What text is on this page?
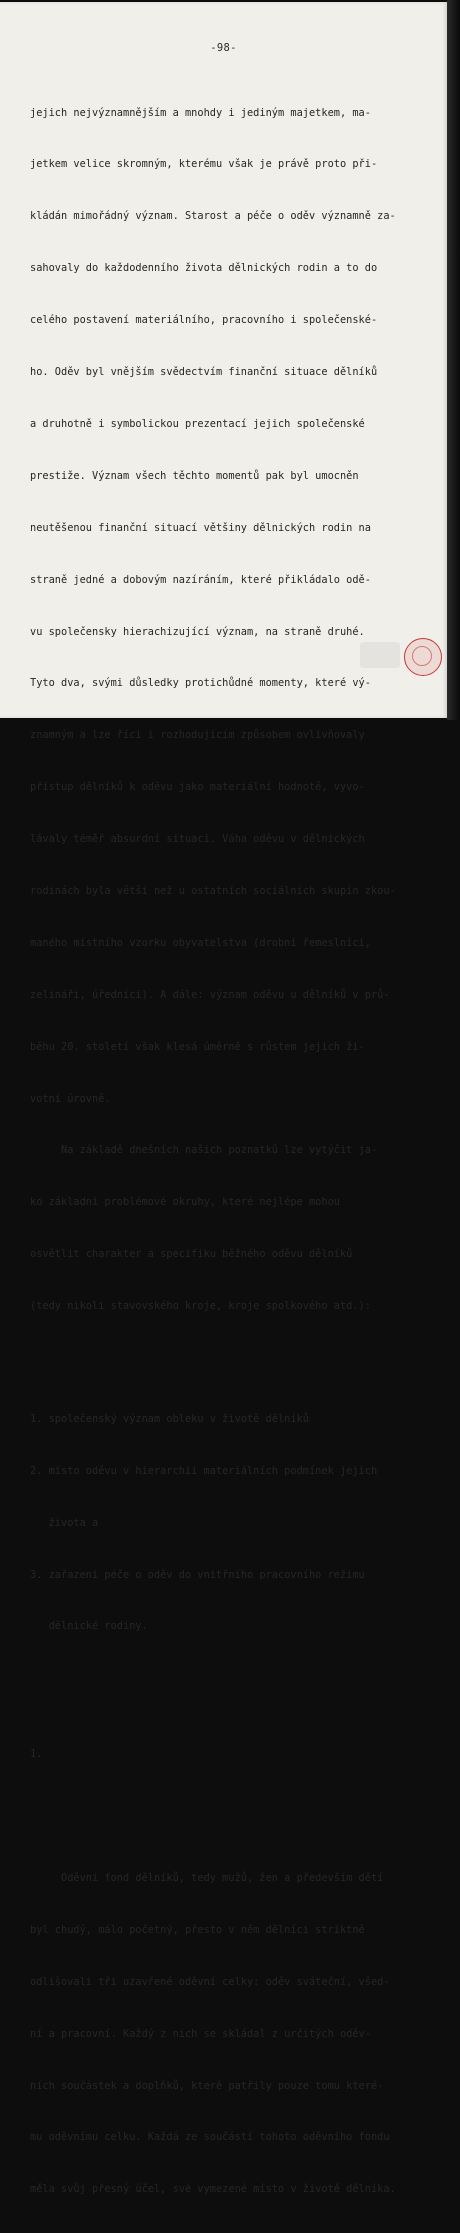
-98-

jejich nejvýznamnějším a mnohdy i jediným majetkem, ma-

jetkem velice skromným, kterému však je právě proto při-

kládán mimořádný význam. Starost a péče o oděv významně za-

sahovaly do každodenního života dělnických rodin a to do

celého postavení materiálního, pracovního i společenské-

ho. Oděv byl vnějším svědectvím finanční situace dělníků

a druhotně i symbolickou prezentací jejich společenské

prestiže. Význam všech těchto momentů pak byl umocněn

neutěšenou finanční situací většiny dělnických rodin na

straně jedné a dobovým nazíráním, které přikládalo odě-

vu společensky hierachizující význam, na straně druhé.

Tyto dva, svými důsledky protichůdné momenty, které vý-

znamným a lze říci i rozhodujícím způsobem ovlivňovaly

přístup dělníků k oděvu jako materiální hodnotě, vyvo-

lávaly téměř absurdní situaci. Váha oděvu v dělnických

rodinách byla větší než u ostatních sociálních skupin zkou-

maného místního vzorku obyvatelstva (drobní řemeslníci,

zelináři, úředníci). A dále: význam oděvu u dělníků v prů-

běhu 20. století však klesá úměrně s růstem jejich ži-

votní úrovně.

Na základě dnešních našich poznatků lze vytýčit ja-

ko základní problémové okruhy, které nejlépe mohou

osvětlit charakter a specifiku běžného oděvu dělníků

(tedy nikoli stavovského kroje, kroje spolkového atd.):

1. společenský význam obleku v životě dělníků

2. místo oděvu v hierarchii materiálních podmínek jejich

života a

3. zařazení péče o oděv do vnitřního pracovního režimu

dělnické rodiny.

1.

Oděvní fond dělníků, tedy mužů, žen a především dětí

byl chudý, málo početný, přesto v něm dělníci striktně

odlišovali tři uzavřené oděvní celky: oděv sváteční, všed-

ní a pracovní. Každý z nich se skládal z určitých oděv-

ních součástek a doplňků, které patřily pouze tomu které-

mu oděvnímu celku. Každá ze součástí tohoto oděvního fondu

měla svůj přesný účel, své vymezené místo v životě dělníka.
